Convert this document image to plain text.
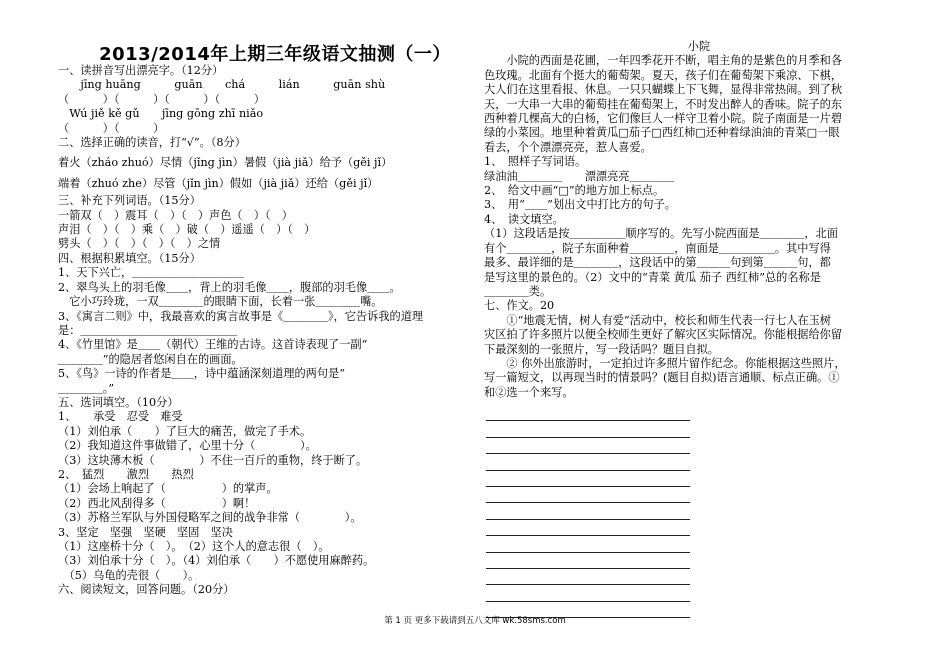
2013/2014年上期三年级语文抽测（一）
一、读拼音写出漂亮字。（12分）
　　jīng huāng　　　guān　　chá　　　lián　　　guān shù
（　　　）（　　　）（　　　）（　　　）
　Wú jiě kě gǔ　　jīng gōng zhī niǎo
（　　　）（　　　）
二、选择正确的读音，打“√”。（8分）
着火（zháo zhuó）尽情（jǐng jìn）暑假（jià jiǎ）给予（gěi jǐ）
端着（zhuó zhe）尽管（jǐn jìn）假如（jià jiǎ）还给（gěi jǐ）
三、补充下列词语。（15分）
一箭双（　）震耳（　）（　）声色（　）（　）
声泪（　）（　）乘（　）破（　）遥遥（　）（　）
劈头（　）（　）（　）（　）之情
四、根据积累填空。（15分）
1、天下兴亡，＿＿＿＿＿＿＿＿＿＿
2、翠鸟头上的羽毛像＿＿，背上的羽毛像＿＿，腹部的羽毛像＿＿。
　它小巧玲珑，一双＿＿＿＿的眼睛下面，长着一张＿＿＿＿嘴。
3、《寓言二则》中，我最喜欢的寓言故事是《＿＿＿＿》，它告诉我的道理
是：＿＿＿＿＿＿＿＿＿＿＿＿＿＿
4、《竹里馆》是＿＿（朝代）王维的古诗。这首诗表现了一副“
＿＿＿＿”的隐居者悠闲自在的画面。
5、《鸟》一诗的作者是＿＿，诗中蕴涵深刻道理的两句是“
＿＿＿＿。”
五、选词填空。（10分）
1、　　承受　忍受　难受
（1）刘伯承（　　）了巨大的痛苦，做完了手术。
（2）我知道这件事做错了，心里十分（　　　　）。
（3）这块薄木板（　　　　）不住一百斤的重物，终于断了。
2、　猛烈　　激烈　　热烈
（1）会场上响起了（　　　　　）的掌声。
（2）西北风刮得多（　　　　　）啊！
（3）苏格兰军队与外国侵略军之间的战争非常（　　　　）。
3、坚定　坚强　坚硬　坚固　坚决
（1）这座桥十分（　）。　（2）这个人的意志很（　）。
（3）刘伯承十分（　）。（4）刘伯承（　　）不愿使用麻醉药。
　（5）乌龟的壳很（　　）。
六、阅读短文，回答问题。（20分）
小院
　　小院的西面是花圃，一年四季花开不断，唱主角的是紫色的月季和各
色玫瑰。北面有个挺大的葡萄架。夏天，孩子们在葡萄架下乘凉、下棋，
大人们在这里看报、休息。一只只蝴蝶上下飞舞，显得非常热闹。到了秋
天，一大串一大串的葡萄挂在葡萄架上，不时发出醉人的香味。院子的东
西种着几棵高大的白杨，它们像巨人一样守卫着小院。院子南面是一片碧
绿的小菜园。地里种着黄瓜□茄子□西红柿□还种着绿油油的青菜□一眼
看去，个个漂漂亮亮，惹人喜爱。
1、　照样子写词语。
绿油油＿＿＿＿　　漂漂亮亮＿＿＿＿
2、　给文中画“□”的地方加上标点。
3、　用“＿＿”划出文中打比方的句子。
4、　读文填空。
（1）这段话是按＿＿＿＿＿顺序写的。先写小院西面是＿＿＿＿，北面
有个＿＿＿＿，院子东面种着＿＿＿＿，南面是＿＿＿＿＿。其中写得
最多、最详细的是＿＿＿＿，这段话中的第＿＿＿句到第＿＿＿句，都
是写这里的景色的。（2）文中的“青菜 黄瓜 茄子 西红柿”总的名称是
＿＿＿＿类。
七、作文。20
　　①“地震无情，树人有爱”活动中，校长和师生代表一行七人在玉树
灾区拍了许多照片以便全校师生更好了解灾区实际情况。你能根据给你留
下最深刻的一张照片，写一段话吗？题目自拟。
　　② 你外出旅游时，一定拍过许多照片留作纪念。你能根据这些照片，
写一篇短文，以再现当时的情景吗？(题目自拟)语言通顺、标点正确。①
和②选一个来写。
第 1 页 更多下载请到五八文库 wk.58sms.com
